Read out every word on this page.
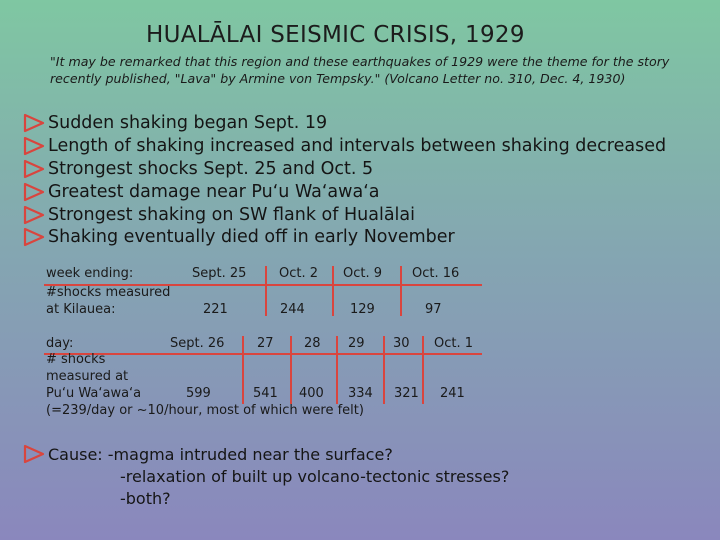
HUALĀLAI SEISMIC CRISIS, 1929
"It may be remarked that this region and these earthquakes of 1929 were the theme for the story recently published, "Lava" by Armine von Tempsky." (Volcano Letter no. 310, Dec. 4, 1930)
Sudden shaking began Sept. 19
Length of shaking increased and intervals between shaking decreased
Strongest shocks Sept. 25 and Oct. 5
Greatest damage near Pu‘u Wa‘awa‘a
Strongest shaking on SW flank of Hualālai
Shaking eventually died off in early November
week ending:	Sept. 25	Oct. 2 Oct. 9 Oct. 16
#shocks measured
at Kilauea:	221	244	129	97
day:	Sept. 26	27 28 29 30 Oct. 1
# shocks
measured at
Pu‘u Wa‘awa‘a	599	541 400 334 321 241
(=239/day or ~10/hour, most of which were felt)
Cause: -magma intruded near the surface?
-relaxation of built up volcano-tectonic stresses?
-both?
